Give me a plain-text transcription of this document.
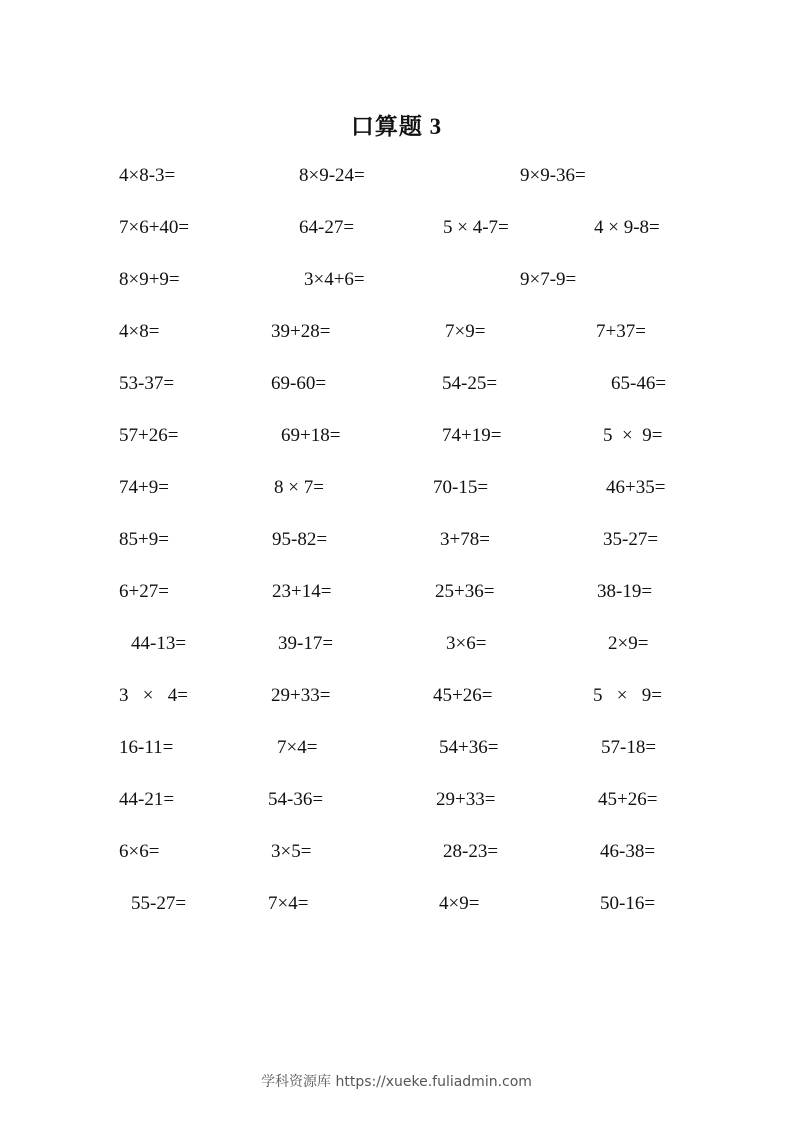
口算题 3
4×8-3=	8×9-24=	9×9-36=
7×6+40=	64-27=	5 × 4-7=	4 × 9-8=
8×9+9=	3×4+6=	9×7-9=
4×8=	39+28=	7×9=	7+37=
53-37=	69-60=	54-25=	65-46=
57+26=	69+18=	74+19=	5  ×  9=
74+9=	8 × 7=	70-15=	46+35=
85+9=	95-82=	3+78=	35-27=
6+27=	23+14=	25+36=	38-19=
44-13=	39-17=	3×6=	2×9=
3   ×   4=	29+33=	45+26=	5   ×   9=
16-11=	7×4=	54+36=	57-18=
44-21=	54-36=	29+33=	45+26=
6×6=	3×5=	28-23=	46-38=
55-27=	7×4=	4×9=	50-16=
学科资源库 https://xueke.fuliadmin.com
